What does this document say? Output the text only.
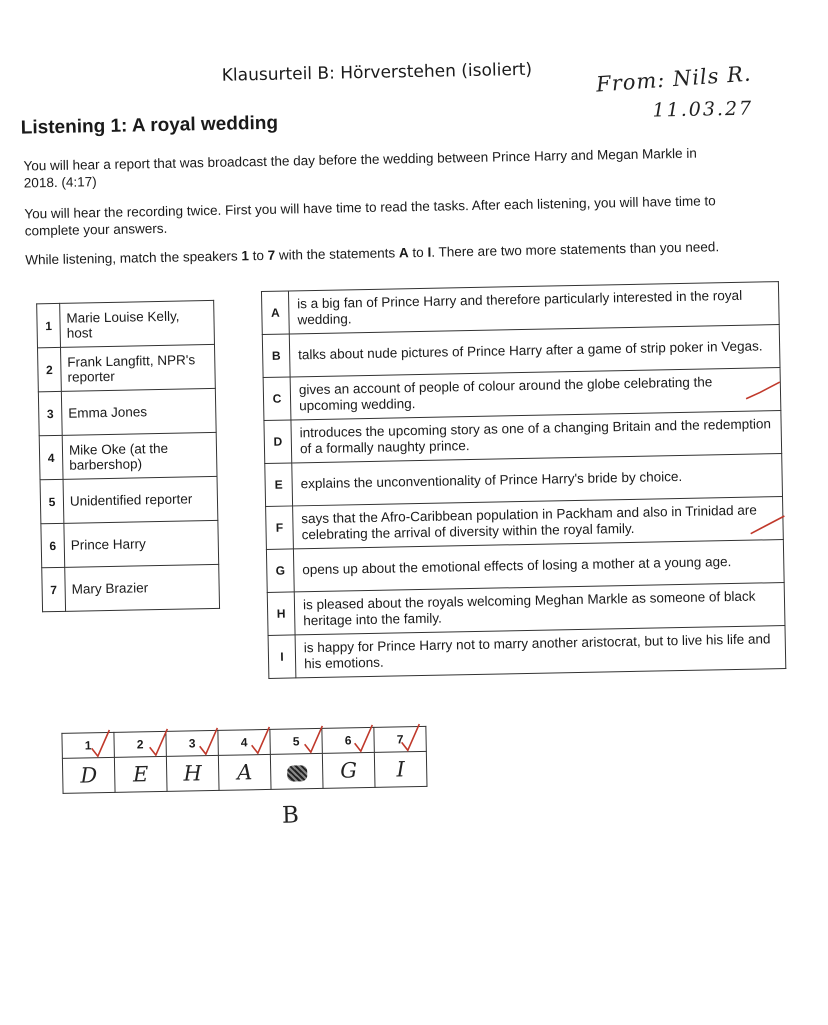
Klausurteil B: Hörverstehen (isoliert)	From: Nils R.
11.03.27
Listening 1: A royal wedding
You will hear a report that was broadcast the day before the wedding between Prince Harry and Megan Markle in 2018. (4:17)
You will hear the recording twice. First you will have time to read the tasks. After each listening, you will have time to complete your answers.
While listening, match the speakers 1 to 7 with the statements A to I. There are two more statements than you need.
1	Marie Louise Kelly, host
2	Frank Langfitt, NPR's reporter
3	Emma Jones
4	Mike Oke (at the barbershop)
5	Unidentified reporter
6	Prince Harry
7	Mary Brazier
A	is a big fan of Prince Harry and therefore particularly interested in the royal wedding.
B	talks about nude pictures of Prince Harry after a game of strip poker in Vegas.
C	gives an account of people of colour around the globe celebrating the upcoming wedding.
D	introduces the upcoming story as one of a changing Britain and the redemption of a formally naughty prince.
E	explains the unconventionality of Prince Harry's bride by choice.
F	says that the Afro-Caribbean population in Packham and also in Trinidad are celebrating the arrival of diversity within the royal family.
G	opens up about the emotional effects of losing a mother at a young age.
H	is pleased about the royals welcoming Meghan Markle as someone of black heritage into the family.
I	is happy for Prince Harry not to marry another aristocrat, but to live his life and his emotions.
1	2	3	4	5	6	7
D	E	H	A		G	I
B
